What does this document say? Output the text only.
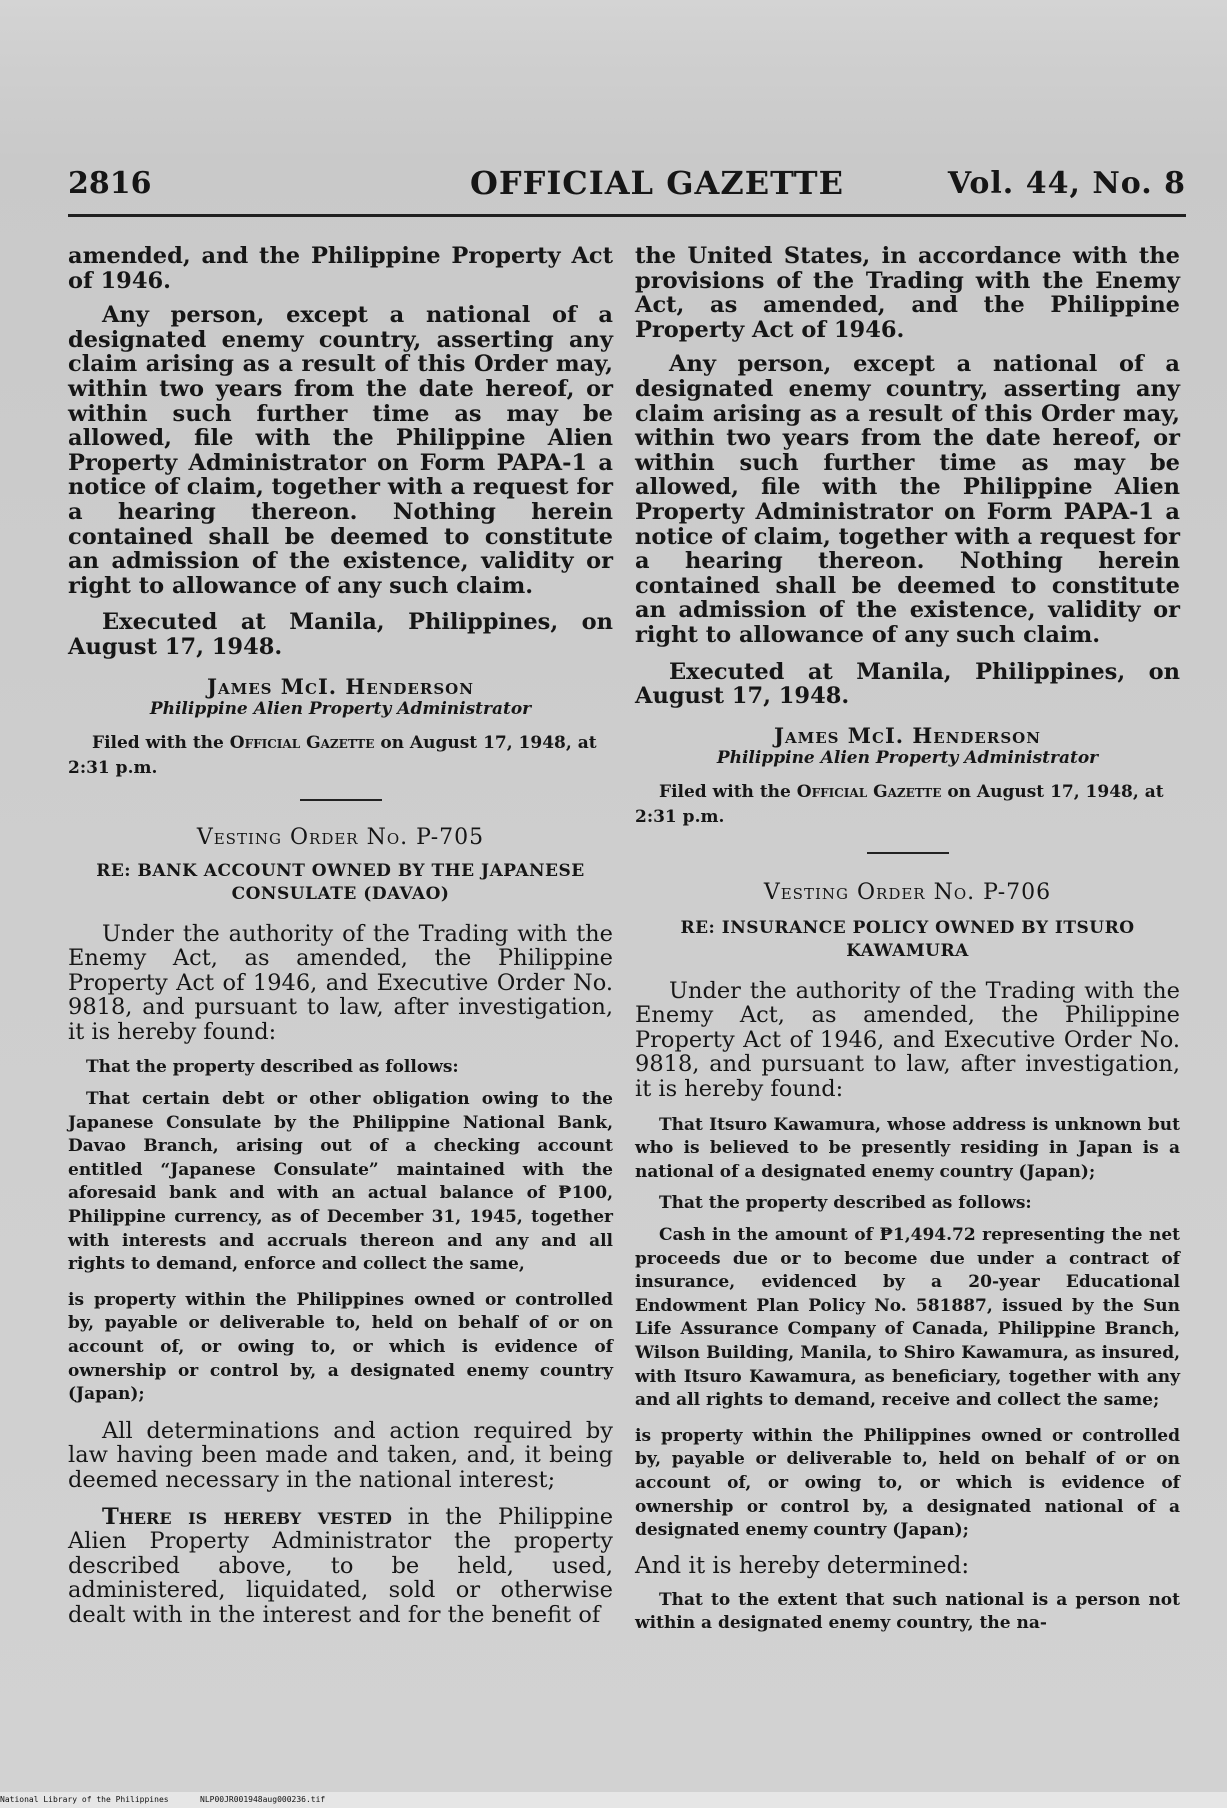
2816	OFFICIAL GAZETTE	Vol. 44, No. 8

amended, and the Philippine Property Act of 1946.

Any person, except a national of a designated enemy country, asserting any claim arising as a result of this Order may, within two years from the date hereof, or within such further time as may be allowed, file with the Philippine Alien Property Administrator on Form PAPA-1 a notice of claim, together with a request for a hearing thereon. Nothing herein contained shall be deemed to constitute an admission of the existence, validity or right to allowance of any such claim.

Executed at Manila, Philippines, on August 17, 1948.

James McI. Henderson

Philippine Alien Property Administrator

Filed with the Official Gazette on August 17, 1948, at 2:31 p.m.

Vesting Order No. P-705

RE: BANK ACCOUNT OWNED BY THE JAPANESE CONSULATE (DAVAO)

Under the authority of the Trading with the Enemy Act, as amended, the Philippine Property Act of 1946, and Executive Order No. 9818, and pursuant to law, after investigation, it is hereby found:

That the property described as follows:

That certain debt or other obligation owing to the Japanese Consulate by the Philippine National Bank, Davao Branch, arising out of a checking account entitled “Japanese Consulate” maintained with the aforesaid bank and with an actual balance of ₱100, Philippine currency, as of December 31, 1945, together with interests and accruals thereon and any and all rights to demand, enforce and collect the same,

is property within the Philippines owned or controlled by, payable or deliverable to, held on behalf of or on account of, or owing to, or which is evidence of ownership or control by, a designated enemy country (Japan);

All determinations and action required by law having been made and taken, and, it being deemed necessary in the national interest;

There is hereby vested in the Philippine Alien Property Administrator the property described above, to be held, used, administered, liquidated, sold or otherwise dealt with in the interest and for the benefit of

the United States, in accordance with the provisions of the Trading with the Enemy Act, as amended, and the Philippine Property Act of 1946.

Any person, except a national of a designated enemy country, asserting any claim arising as a result of this Order may, within two years from the date hereof, or within such further time as may be allowed, file with the Philippine Alien Property Administrator on Form PAPA-1 a notice of claim, together with a request for a hearing thereon. Nothing herein contained shall be deemed to constitute an admission of the existence, validity or right to allowance of any such claim.

Executed at Manila, Philippines, on August 17, 1948.

James McI. Henderson

Philippine Alien Property Administrator

Filed with the Official Gazette on August 17, 1948, at 2:31 p.m.

Vesting Order No. P-706

RE: INSURANCE POLICY OWNED BY ITSURO KAWAMURA

Under the authority of the Trading with the Enemy Act, as amended, the Philippine Property Act of 1946, and Executive Order No. 9818, and pursuant to law, after investigation, it is hereby found:

That Itsuro Kawamura, whose address is unknown but who is believed to be presently residing in Japan is a national of a designated enemy country (Japan);

That the property described as follows:

Cash in the amount of ₱1,494.72 representing the net proceeds due or to become due under a contract of insurance, evidenced by a 20-year Educational Endowment Plan Policy No. 581887, issued by the Sun Life Assurance Company of Canada, Philippine Branch, Wilson Building, Manila, to Shiro Kawamura, as insured, with Itsuro Kawamura, as beneficiary, together with any and all rights to demand, receive and collect the same;

is property within the Philippines owned or controlled by, payable or deliverable to, held on behalf of or on account of, or owing to, or which is evidence of ownership or control by, a designated national of a designated enemy country (Japan);

And it is hereby determined:

That to the extent that such national is a person not within a designated enemy country, the na-

National Library of the Philippines	NLP00JR001948aug000236.tif
